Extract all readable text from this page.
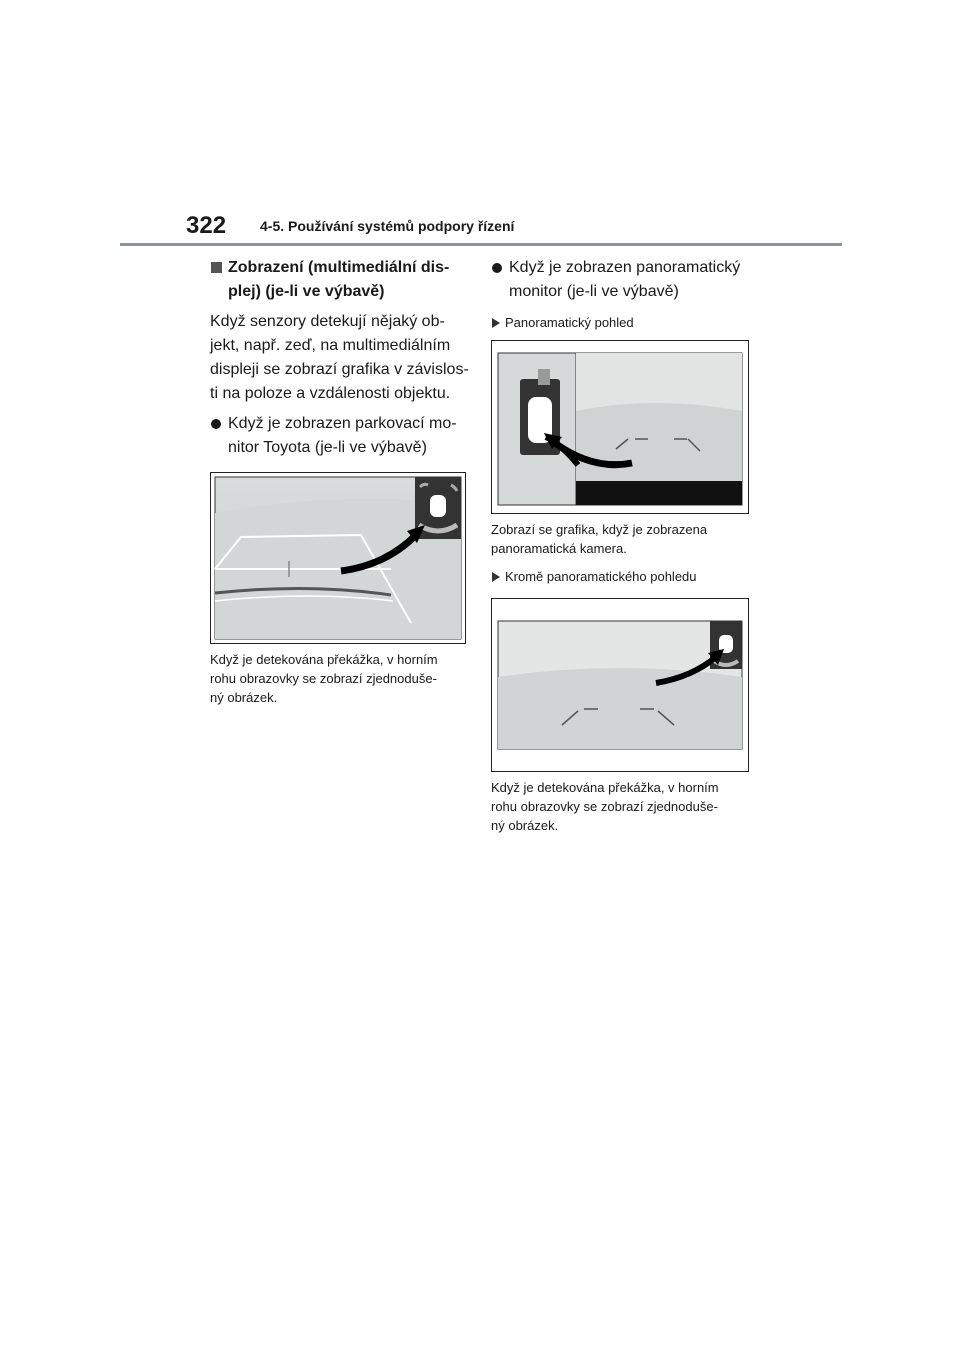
322 4-5. Používání systémů podpory řízení
Zobrazení (multimediální dis-
plej) (je-li ve výbavě)
Když senzory detekují nějaký ob-
jekt, např. zeď, na multimediálním
displeji se zobrazí grafika v závislos-
ti na poloze a vzdálenosti objektu.
Když je zobrazen parkovací mo-
nitor Toyota (je-li ve výbavě)
Když je detekována překážka, v horním
rohu obrazovky se zobrazí zjednoduše-
ný obrázek.
Když je zobrazen panoramatický
monitor (je-li ve výbavě)
Panoramatický pohled
Zobrazí se grafika, když je zobrazena
panoramatická kamera.
Kromě panoramatického pohledu
Když je detekována překážka, v horním
rohu obrazovky se zobrazí zjednoduše-
ný obrázek.
